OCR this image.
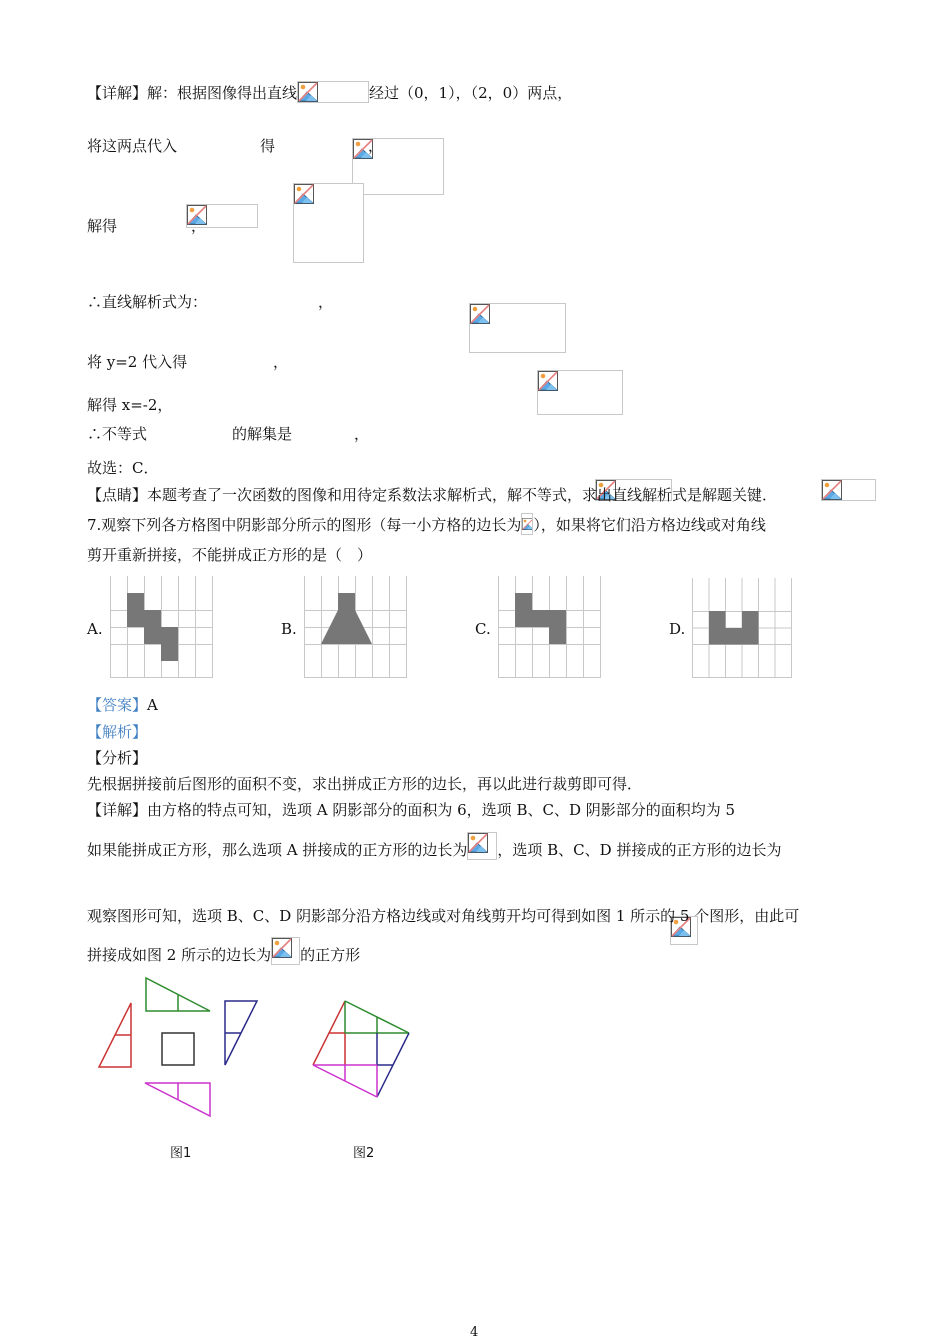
【详解】解：根据图像得出直线	经过（0，1），（2，0）两点，
将这两点代入
	得
	，
解得
	，
∴直线解析式为：
	，
将 y=2 代入得
	，
解得 x=-2，
∴不等式
	的解集是
	，
故选：C．
【点睛】本题考查了一次函数的图像和用待定系数法求解析式，解不等式，求出直线解析式是解题关键．
7.观察下列各方格图中阴影部分所示的图形（每一小方格的边长为 ），如果将它们沿方格边线或对角线
剪开重新拼接，不能拼成正方形的是（　）
A.	B.	C.	D.
【答案】A
【解析】
【分析】
先根据拼接前后图形的面积不变，求出拼成正方形的边长，再以此进行裁剪即可得．
【详解】由方格的特点可知，选项 A 阴影部分的面积为 6，选项 B、C、D 阴影部分的面积均为 5
如果能拼成正方形，那么选项 A 拼接成的正方形的边长为 ，选项 B、C、D 拼接成的正方形的边长为
观察图形可知，选项 B、C、D 阴影部分沿方格边线或对角线剪开均可得到如图 1 所示的 5 个图形，由此可
拼接成如图 2 所示的边长为 的正方形
图1	图2
4
